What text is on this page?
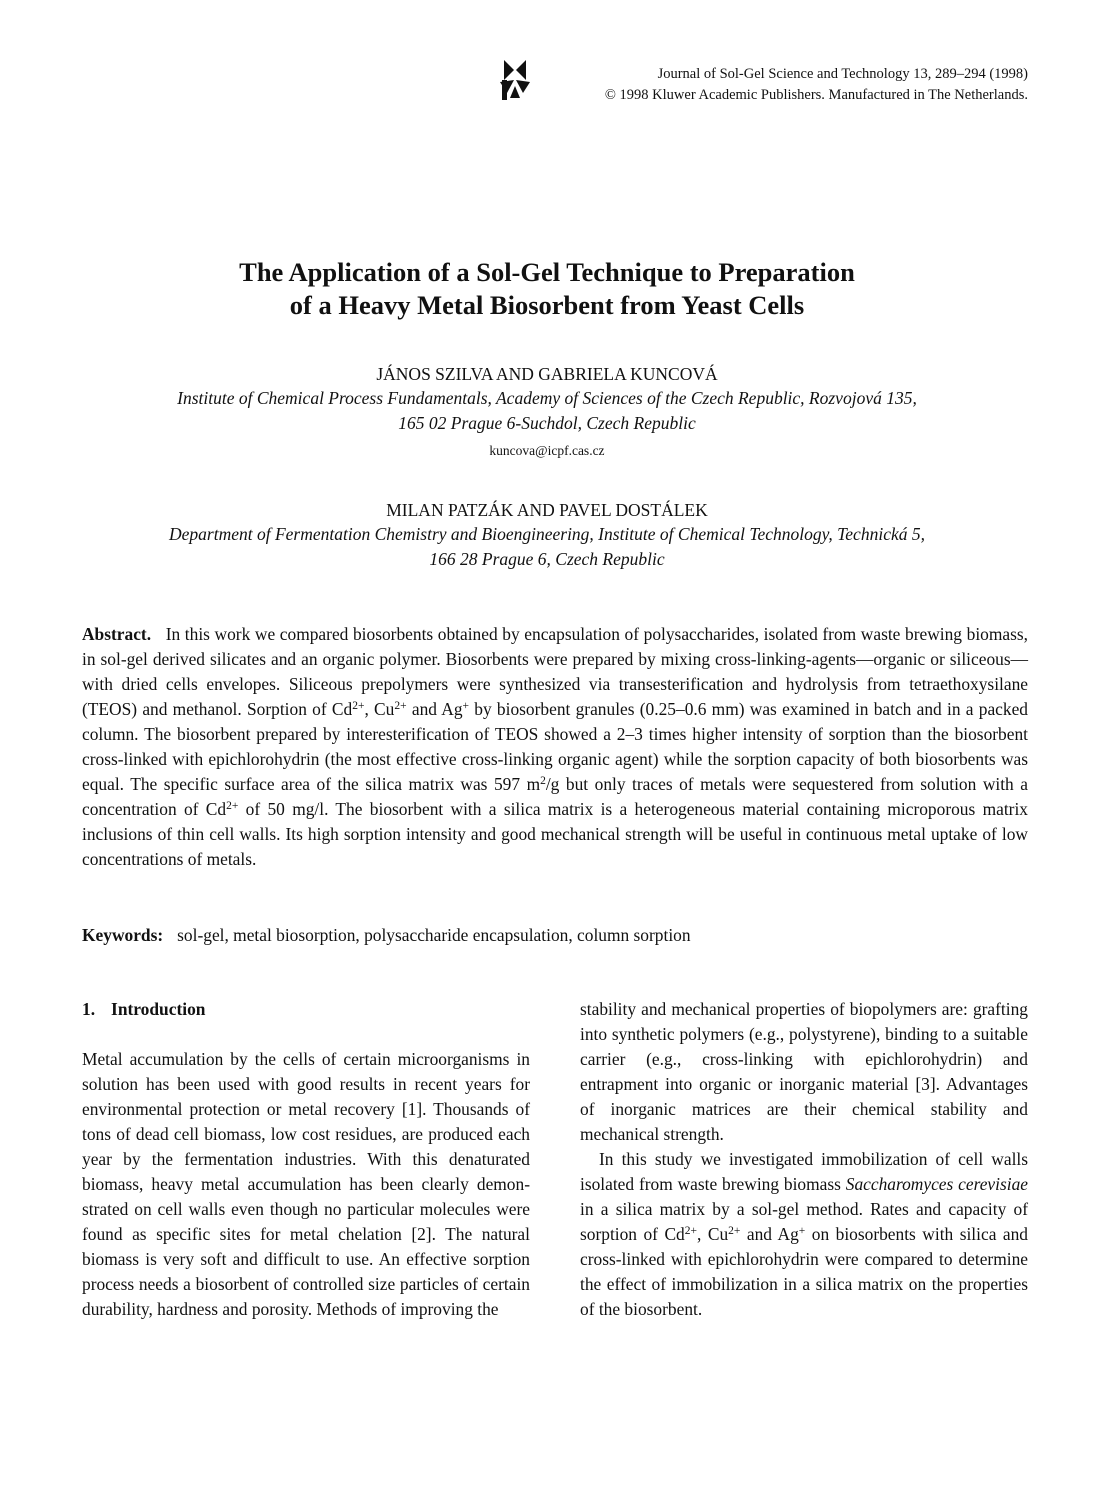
Journal of Sol-Gel Science and Technology 13, 289–294 (1998)
© 1998 Kluwer Academic Publishers. Manufactured in The Netherlands.
The Application of a Sol-Gel Technique to Preparation
of a Heavy Metal Biosorbent from Yeast Cells
JÁNOS SZILVA AND GABRIELA KUNCOVÁ
Institute of Chemical Process Fundamentals, Academy of Sciences of the Czech Republic, Rozvojová 135,
165 02 Prague 6-Suchdol, Czech Republic
kuncova@icpf.cas.cz
MILAN PATZÁK AND PAVEL DOSTÁLEK
Department of Fermentation Chemistry and Bioengineering, Institute of Chemical Technology, Technická 5,
166 28 Prague 6, Czech Republic
Abstract. In this work we compared biosorbents obtained by encapsulation of polysaccharides, isolated from waste brewing biomass, in sol-gel derived silicates and an organic polymer. Biosorbents were prepared by mixing cross-linking-agents—organic or siliceous—with dried cells envelopes. Siliceous prepolymers were synthesized via transesterification and hydrolysis from tetraethoxysilane (TEOS) and methanol. Sorption of $Cd^{2+}$, $Cu^{2+}$ and Ag+ by biosorbent granules (0.25–0.6 mm) was examined in batch and in a packed column. The biosorbent prepared by interesterification of TEOS showed a 2–3 times higher intensity of sorption than the biosorbent cross-linked with epichlorohydrin (the most effective cross-linking organic agent) while the sorption capacity of both biosorbents was equal. The specific surface area of the silica matrix was 597 $m^2/g$ but only traces of metals were sequestered from solution with a concentration of $Cd^{2+}$ of 50 mg/l. The biosorbent with a silica matrix is a heterogeneous material containing microporous matrix inclusions of thin cell walls. Its high sorption intensity and good mechanical strength will be useful in continuous metal uptake of low concentrations of metals.
Keywords: sol-gel, metal biosorption, polysaccharide encapsulation, column sorption
1. Introduction

Metal accumulation by the cells of certain microorganisms in solution has been used with good results in recent years for environmental protection or metal recovery [1]. Thousands of tons of dead cell biomass, low cost residues, are produced each year by the fermentation industries. With this denaturated biomass, heavy metal accumulation has been clearly demonstrated on cell walls even though no particular molecules were found as specific sites for metal chelation [2]. The natural biomass is very soft and difficult to use. An effective sorption process needs a biosorbent of controlled size particles of certain durability, hardness and porosity. Methods of improving the

stability and mechanical properties of biopolymers are: grafting into synthetic polymers (e.g., polystyrene), binding to a suitable carrier (e.g., cross-linking with epichlorohydrin) and entrapment into organic or inorganic material [3]. Advantages of inorganic matrices are their chemical stability and mechanical strength.

In this study we investigated immobilization of cell walls isolated from waste brewing biomass Saccharomyces cerevisiae in a silica matrix by a sol-gel method. Rates and capacity of sorption of $Cd^{2+}$, $Cu^{2+}$ and Ag+ on biosorbents with silica and cross-linked with epichlorohydrin were compared to determine the effect of immobilization in a silica matrix on the properties of the biosorbent.
